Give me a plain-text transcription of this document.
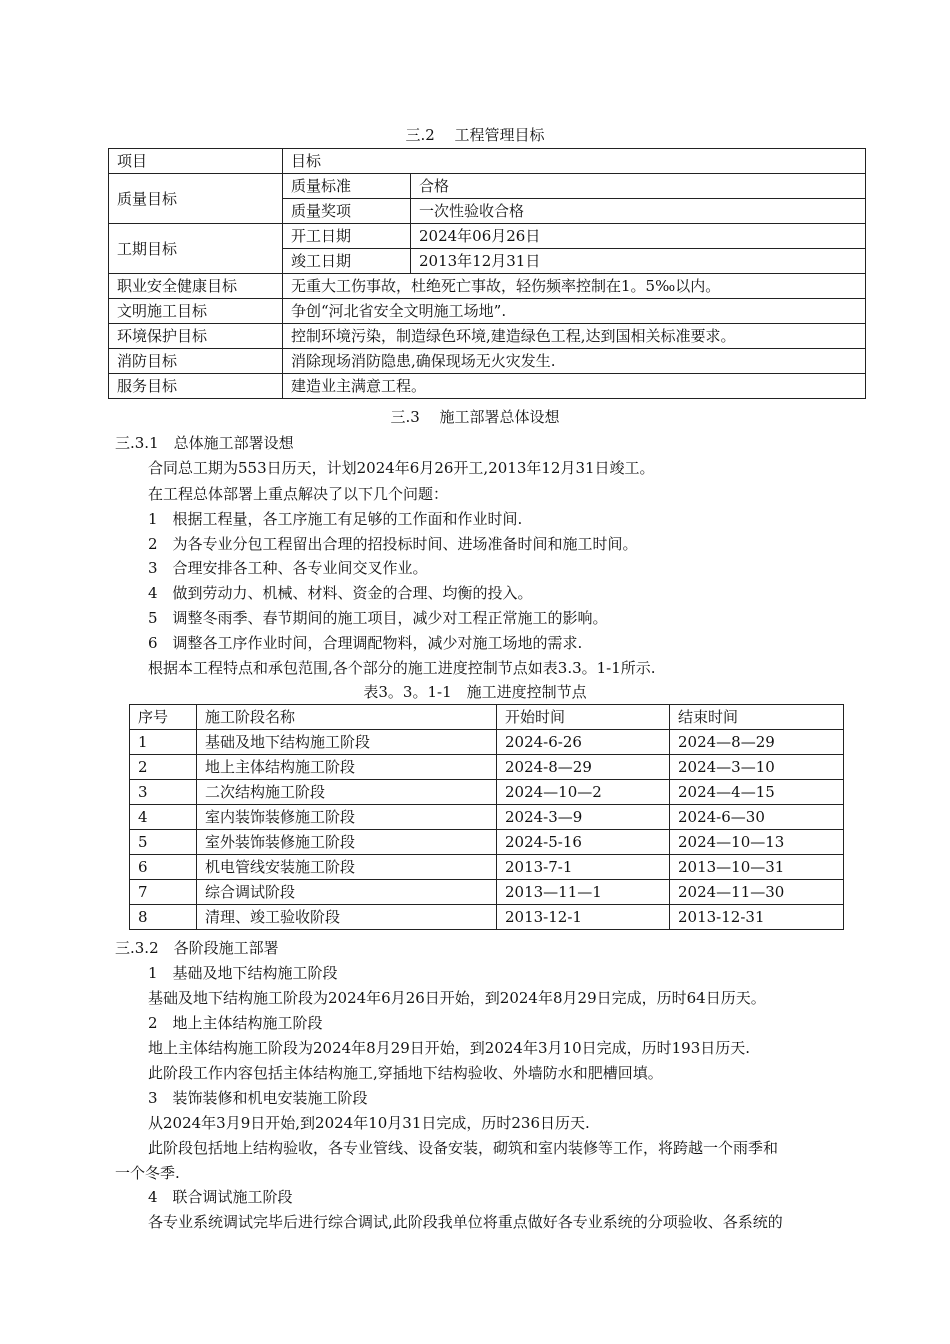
三.2　 工程管理目标
项目	目标	
质量目标	质量标准	合格
	质量奖项	一次性验收合格
工期目标	开工日期	2024年06月26日
	竣工日期	2013年12月31日
职业安全健康目标	无重大工伤事故，杜绝死亡事故，轻伤频率控制在1。5‰以内。	
文明施工目标	争创“河北省安全文明施工场地”.	
环境保护目标	控制环境污染，制造绿色环境,建造绿色工程,达到国相关标准要求。	
消防目标	消除现场消防隐患,确保现场无火灾发生.	
服务目标	建造业主满意工程。	
三.3　 施工部署总体设想
三.3.1　总体施工部署设想
合同总工期为553日历天，计划2024年6月26开工,2013年12月31日竣工。
在工程总体部署上重点解决了以下几个问题：
1　根据工程量，各工序施工有足够的工作面和作业时间.
2　为各专业分包工程留出合理的招投标时间、进场准备时间和施工时间。
3　合理安排各工种、各专业间交叉作业。
4　做到劳动力、机械、材料、资金的合理、均衡的投入。
5　调整冬雨季、春节期间的施工项目，减少对工程正常施工的影响。
6　调整各工序作业时间，合理调配物料，减少对施工场地的需求.
根据本工程特点和承包范围,各个部分的施工进度控制节点如表3.3。1-1所示.
表3。3。1-1　施工进度控制节点
序号	施工阶段名称	开始时间	结束时间
1	基础及地下结构施工阶段	2024-6-26	2024—8—29
2	地上主体结构施工阶段	2024-8—29	2024—3—10
3	二次结构施工阶段	2024—10—2	2024—4—15
4	室内装饰装修施工阶段	2024-3—9	2024-6—30
5	室外装饰装修施工阶段	2024-5-16	2024—10—13
6	机电管线安装施工阶段	2013-7-1	2013—10—31
7	综合调试阶段	2013—11—1	2024—11—30
8	清理、竣工验收阶段	2013-12-1	2013-12-31
三.3.2　各阶段施工部署
1　基础及地下结构施工阶段
基础及地下结构施工阶段为2024年6月26日开始，到2024年8月29日完成，历时64日历天。
2　地上主体结构施工阶段
地上主体结构施工阶段为2024年8月29日开始，到2024年3月10日完成，历时193日历天.
此阶段工作内容包括主体结构施工,穿插地下结构验收、外墙防水和肥槽回填。
3　装饰装修和机电安装施工阶段
从2024年3月9日开始,到2024年10月31日完成，历时236日历天.
此阶段包括地上结构验收，各专业管线、设备安装，砌筑和室内装修等工作，将跨越一个雨季和
一个冬季.
4　联合调试施工阶段
各专业系统调试完毕后进行综合调试,此阶段我单位将重点做好各专业系统的分项验收、各系统的
